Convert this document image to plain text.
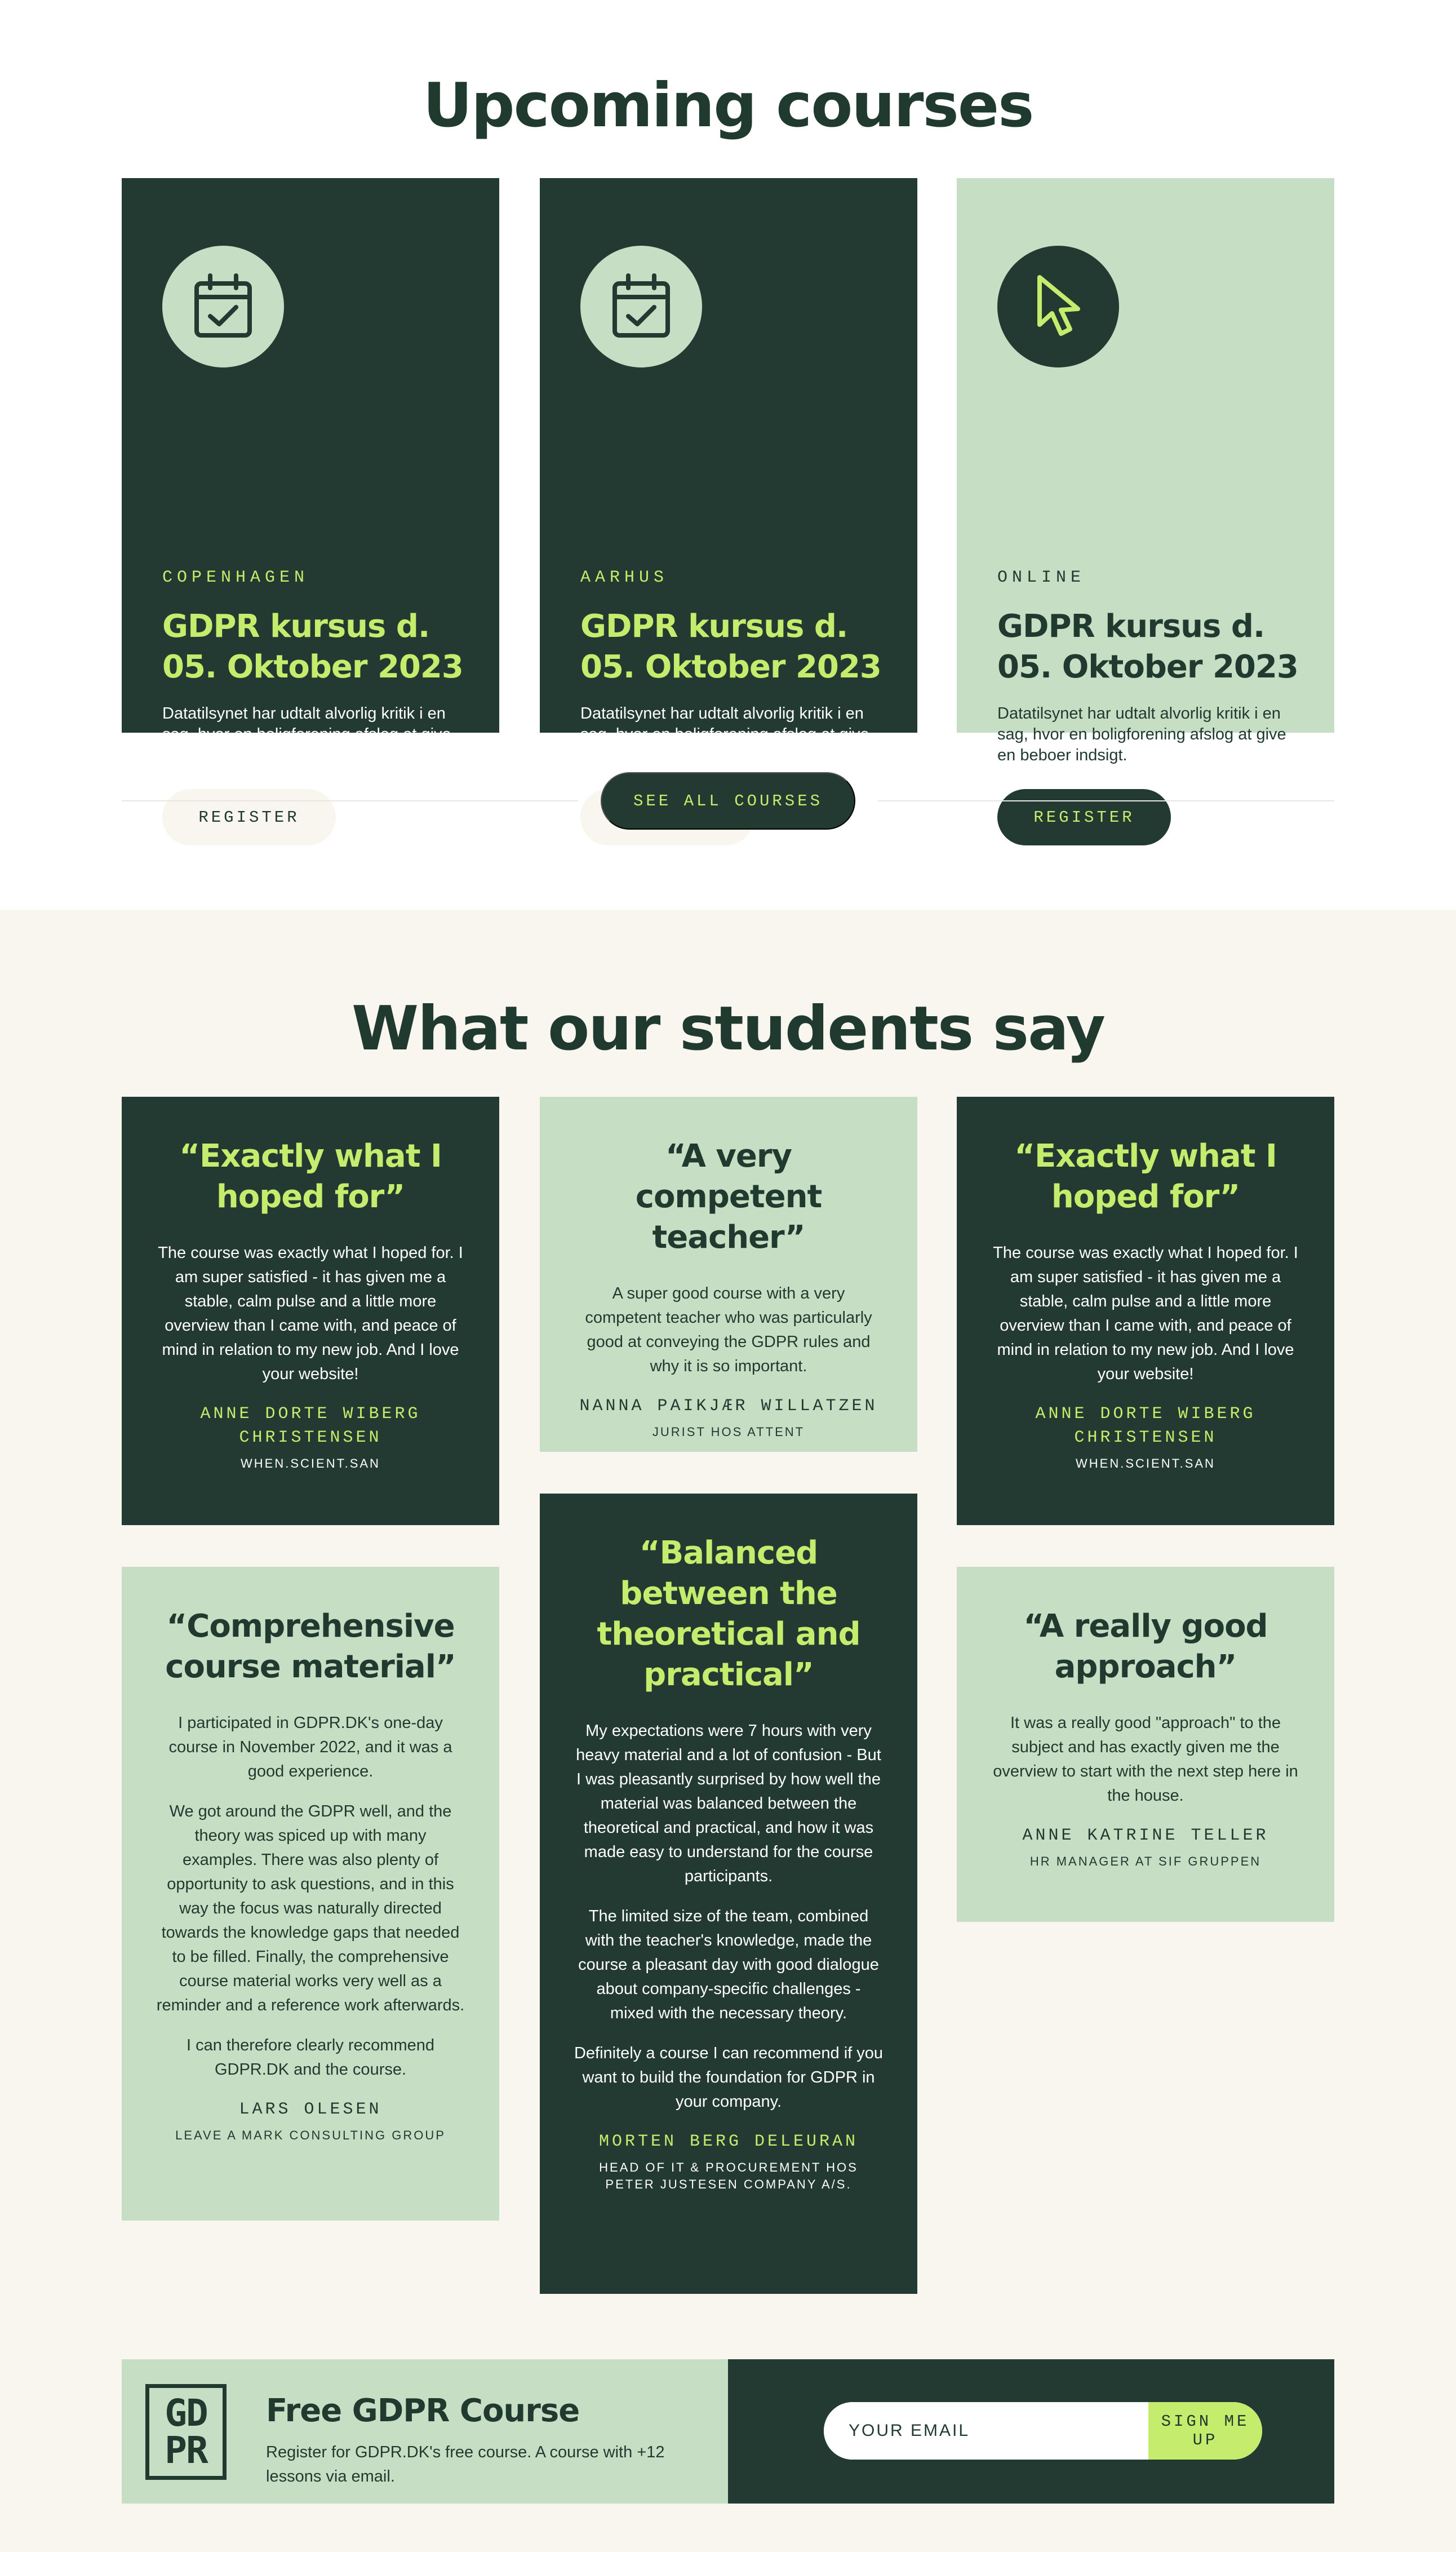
Upcoming courses
COPENHAGEN
GDPR kursus d.
05. Oktober 2023

Datatilsynet har udtalt alvorlig kritik i en sag, hvor en boligforening afslog at give en beboer indsigt.

REGISTER
AARHUS
GDPR kursus d.
05. Oktober 2023

Datatilsynet har udtalt alvorlig kritik i en sag, hvor en boligforening afslog at give en beboer indsigt.

ONLINE
GDPR kursus d.
05. Oktober 2023

Datatilsynet har udtalt alvorlig kritik i en sag, hvor en boligforening afslog at give en beboer indsigt.

REGISTER
SEE ALL COURSES
What our students say
“Exactly what I hoped for”

The course was exactly what I hoped for. I am super satisfied - it has given me a stable, calm pulse and a little more overview than I came with, and peace of mind in relation to my new job. And I love your website!

ANNE DORTE WIBERG CHRISTENSEN
WHEN.SCIENT.SAN
“A very competent teacher”

A super good course with a very competent teacher who was particularly good at conveying the GDPR rules and why it is so important.

NANNA PAIKJÆR WILLATZEN
JURIST HOS ATTENT
“Exactly what I hoped for”

The course was exactly what I hoped for. I am super satisfied - it has given me a stable, calm pulse and a little more overview than I came with, and peace of mind in relation to my new job. And I love your website!

ANNE DORTE WIBERG CHRISTENSEN
WHEN.SCIENT.SAN
“Comprehensive course material”

I participated in GDPR.DK's one-day course in November 2022, and it was a good experience.

We got around the GDPR well, and the theory was spiced up with many examples. There was also plenty of opportunity to ask questions, and in this way the focus was naturally directed towards the knowledge gaps that needed to be filled. Finally, the comprehensive course material works very well as a reminder and a reference work afterwards.

I can therefore clearly recommend GDPR.DK and the course.

LARS OLESEN
LEAVE A MARK CONSULTING GROUP
“Balanced between the theoretical and practical”

My expectations were 7 hours with very heavy material and a lot of confusion - But I was pleasantly surprised by how well the material was balanced between the theoretical and practical, and how it was made easy to understand for the course participants.

The limited size of the team, combined with the teacher's knowledge, made the course a pleasant day with good dialogue about company-specific challenges - mixed with the necessary theory.

Definitely a course I can recommend if you want to build the foundation for GDPR in your company.

MORTEN BERG DELEURAN
HEAD OF IT & PROCUREMENT HOS PETER JUSTESEN COMPANY A/S.
“A really good approach”

It was a really good "approach" to the subject and has exactly given me the overview to start with the next step here in the house.

ANNE KATRINE TELLER
HR MANAGER AT SIF GRUPPEN
GD
PR
Free GDPR Course

Register for GDPR.DK's free course. A course with +12 lessons via email.

YOUR EMAIL
SIGN ME UP
